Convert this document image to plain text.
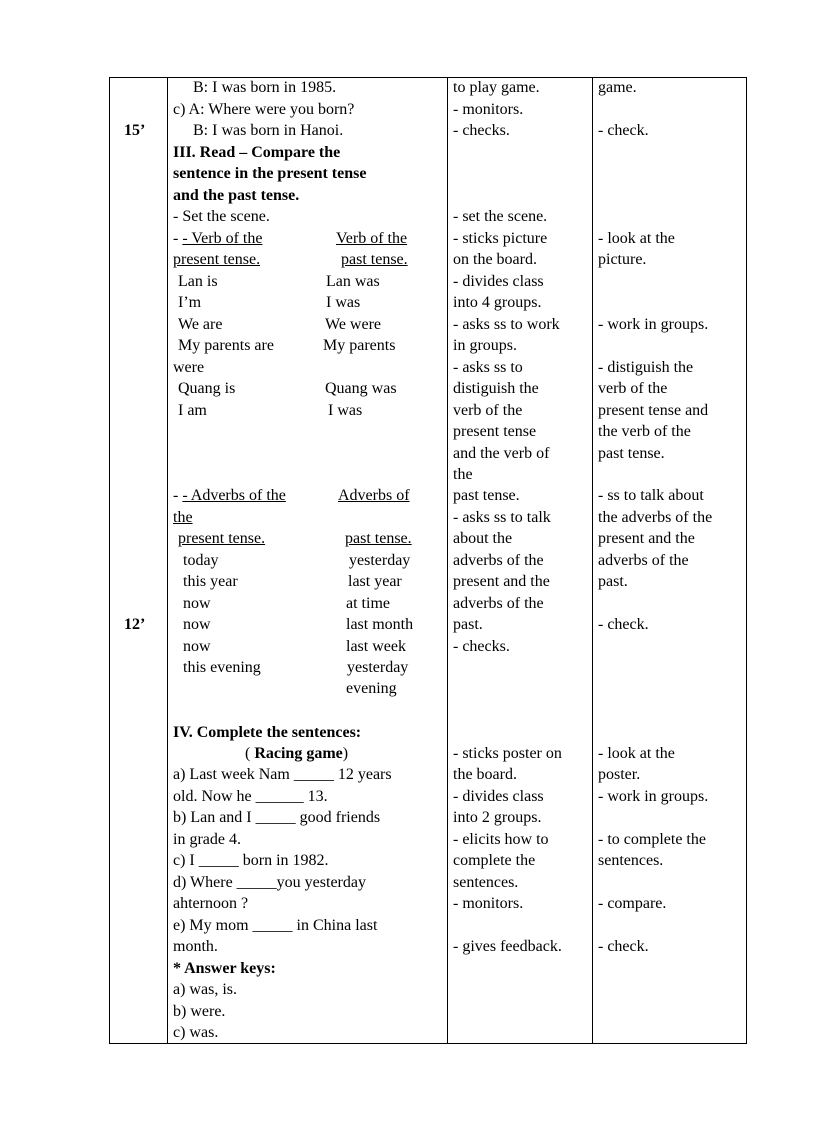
15’
12’
B: I was born in 1985.
c) A: Where were you born?
B: I was born in Hanoi.
III. Read – Compare the
sentence in the present tense
and the past tense.
- Set the scene.
- - Verb of the
present tense.
Verb of the
past tense.
Lan is
I’m
We are
My parents are
Lan was
I was
We were
My parents
were
Quang is
I am
Quang was
I was
- - Adverbs of the
the
present tense.
Adverbs of
past tense.
today
this year
now
now
now
this evening
yesterday
last year
at time
last month
last week
yesterday
evening
IV. Complete the sentences:
( Racing game)
a) Last week Nam _____ 12 years
old. Now he ______ 13.
b) Lan and I _____ good friends
in grade 4.
c) I _____ born in 1982.
d) Where _____you yesterday
ahternoon ?
e) My mom _____ in China last
month.
* Answer keys:
a) was, is.
b) were.
c) was.
to play game.
- monitors.
- checks.
- set the scene.
- sticks picture
on the board.
- divides class
into 4 groups.
- asks ss to work
in groups.
- asks ss to
distiguish the
verb of the
present tense
and the verb of
the
past tense.
- asks ss to talk
about the
adverbs of the
present and the
adverbs of the
past.
- checks.
- sticks poster on
the board.
- divides class
into 2 groups.
- elicits how to
complete the
sentences.
- monitors.
- gives feedback.
game.
- check.
- look at the
picture.
- work in groups.
- distiguish the
verb of the
present tense and
the verb of the
past tense.
- ss to talk about
the adverbs of the
present and the
adverbs of the
past.
- check.
- look at the
poster.
- work in groups.
- to complete the
sentences.
- compare.
- check.
